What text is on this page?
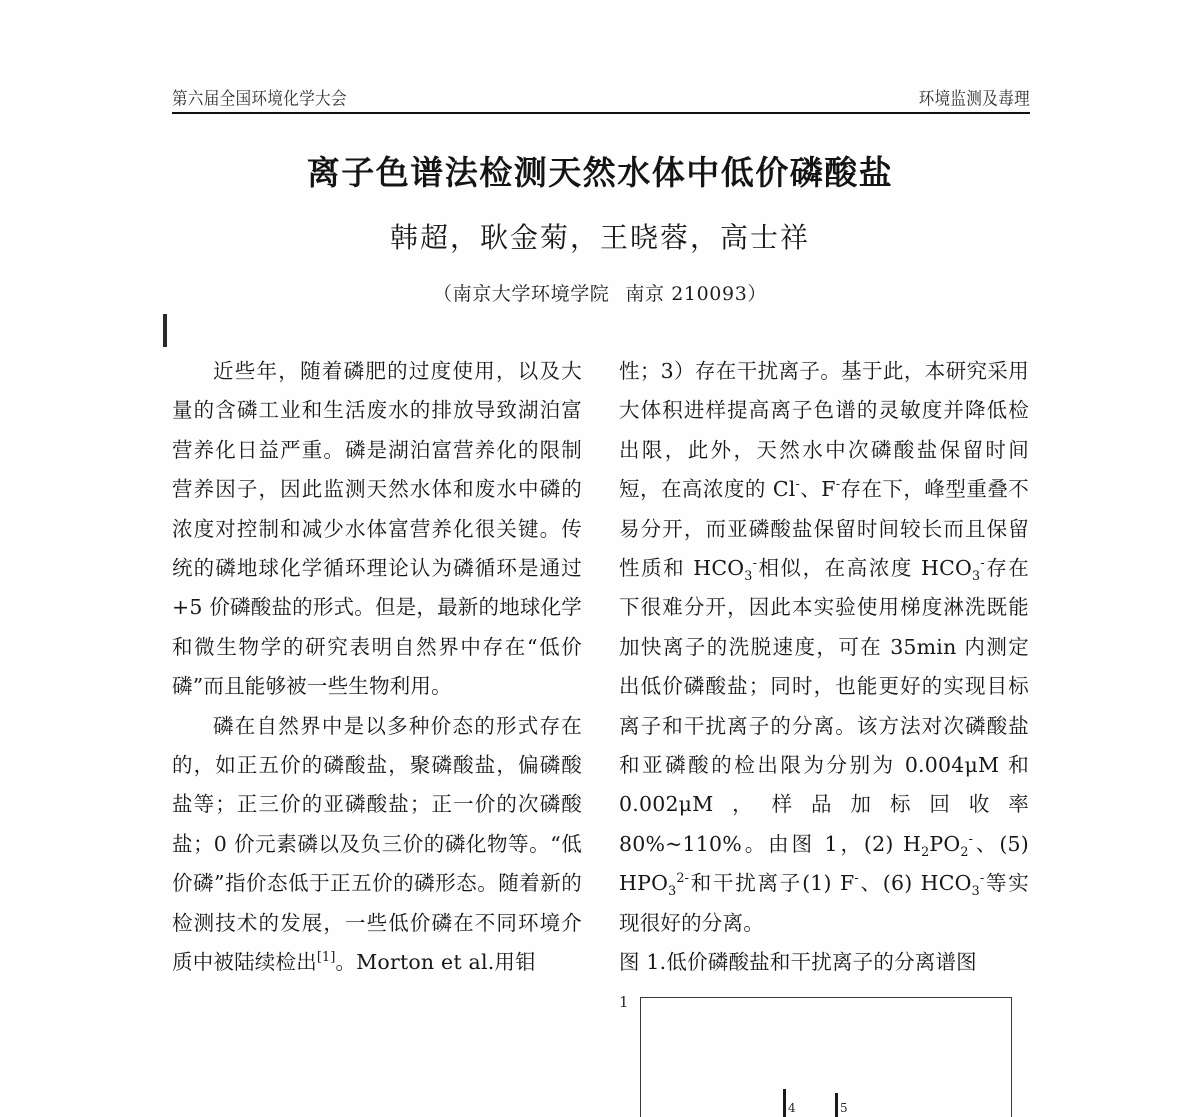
第六届全国环境化学大会	环境监测及毒理
离子色谱法检测天然水体中低价磷酸盐
韩超，耿金菊，王晓蓉，高士祥
（南京大学环境学院 南京 210093）

近些年，随着磷肥的过度使用，以及大量的含磷工业和生活废水的排放导致湖泊富营养化日益严重。磷是湖泊富营养化的限制营养因子，因此监测天然水体和废水中磷的浓度对控制和减少水体富营养化很关键。传统的磷地球化学循环理论认为磷循环是通过+5 价磷酸盐的形式。但是，最新的地球化学和微生物学的研究表明自然界中存在“低价磷”而且能够被一些生物利用。

磷在自然界中是以多种价态的形式存在的，如正五价的磷酸盐，聚磷酸盐，偏磷酸盐等；正三价的亚磷酸盐；正一价的次磷酸盐；0 价元素磷以及负三价的磷化物等。“低价磷”指价态低于正五价的磷形态。随着新的检测技术的发展，一些低价磷在不同环境介质中被陆续检出[1]。Morton et al.用钼

性；3）存在干扰离子。基于此，本研究采用大体积进样提高离子色谱的灵敏度并降低检出限，此外，天然水中次磷酸盐保留时间短，在高浓度的 Cl-、F-存在下，峰型重叠不易分开，而亚磷酸盐保留时间较长而且保留性质和 $HCO_3^-$相似，在高浓度 $HCO_3^-$存在下很难分开，因此本实验使用梯度淋洗既能加快离子的洗脱速度，可在 35min 内测定出低价磷酸盐；同时，也能更好的实现目标离子和干扰离子的分离。该方法对次磷酸盐和亚磷酸的检出限为分别为 0.004μM 和 0.002μM，样品加标回收率 80%~110%。由图 1，(2) $H_2PO_2^-$、(5) $HPO_3^{2-}$和干扰离子(1) F-、(6) $HCO_3^-$等实现很好的分离。

图 1.低价磷酸盐和干扰离子的分离谱图

1
4	5
